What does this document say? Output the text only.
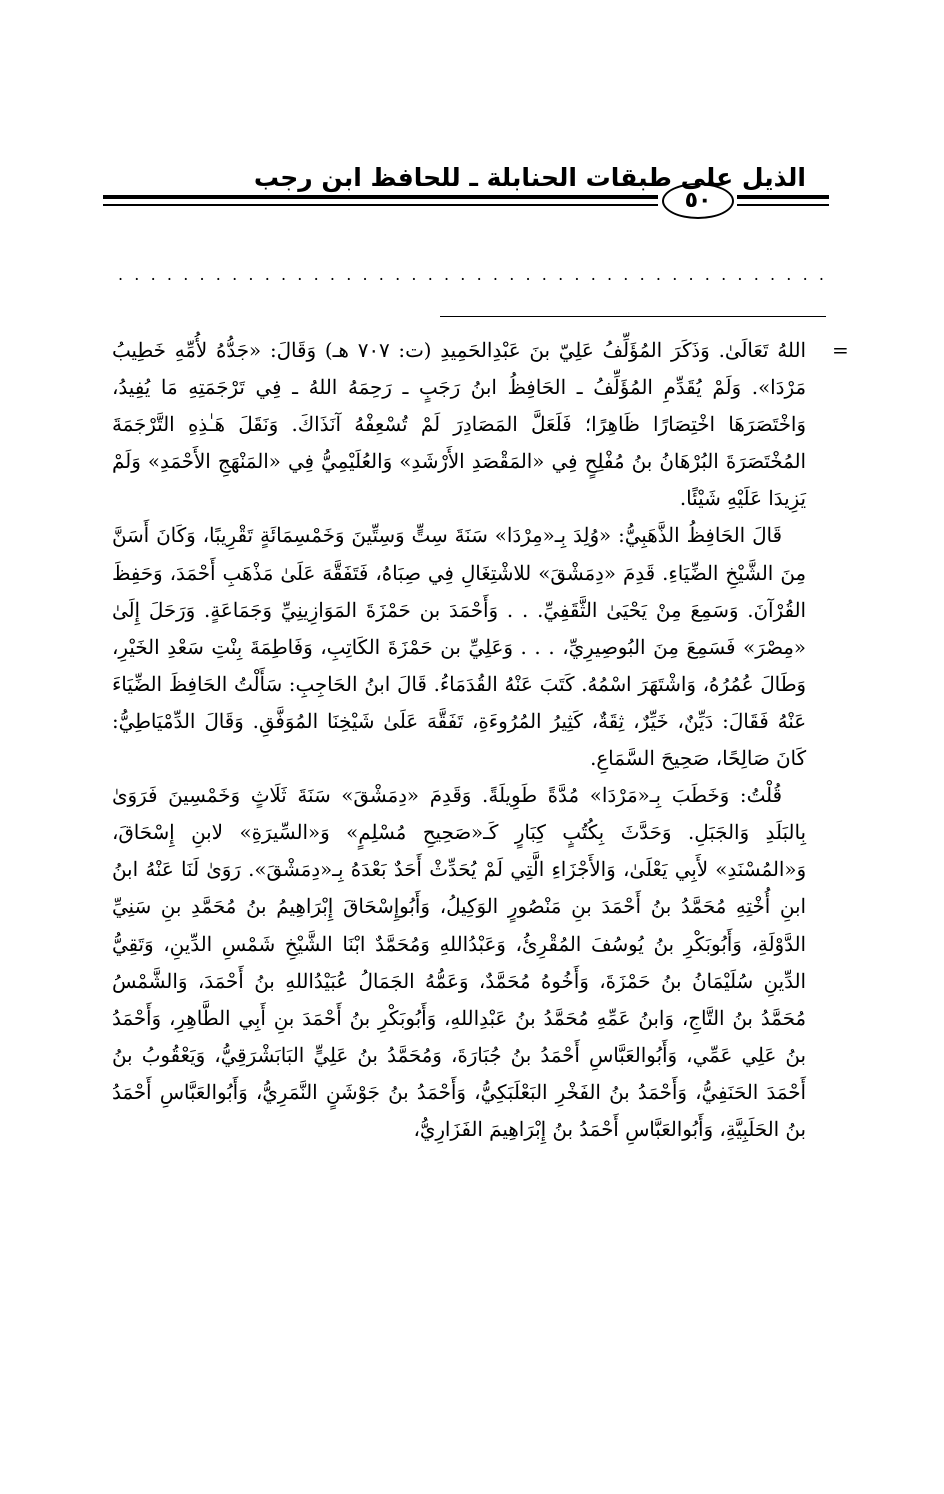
الذيل على طبقات الحنابلة ـ للحافظ ابن رجب
٥٠
. . . . . . . . . . . . . . . . . . . . . . . . . . . . . . . . . . . . . . . . . . . .
=

اللهُ تَعَالَىٰ. وَذَكَرَ المُؤَلِّفُ عَلِيّ بنَ عَبْدِالحَمِيدِ (ت: ٧٠٧ هـ) وَقَالَ: «جَدُّهُ لأُمِّهِ خَطِيبُ مَرْدَا». وَلَمْ يُقَدِّمِ المُؤَلِّفُ ـ الحَافِظُ ابنُ رَجَبٍ ـ رَحِمَهُ اللهُ ـ فِي تَرْجَمَتِهِ مَا يُفِيدُ، وَاخْتَصَرَهَا اخْتِصَارًا ظَاهِرًا؛ فَلَعَلَّ المَصَادِرَ لَمْ تُسْعِفْهُ آنَذَاكَ. وَنَقَلَ هَـٰذِهِ التَّرْجَمَةَ المُخْتَصَرَةَ البُرْهَانُ بنُ مُفْلِحٍ فِي «المَقْصَدِ الأَرْشَدِ» وَالعُلَيْمِيُّ فِي «المَنْهَجِ الأَحْمَدِ» وَلَمْ يَزِيدَا عَلَيْهِ شَيْئًا.

قَالَ الحَافِظُ الذَّهَبِيُّ: «وُلِدَ بِـ«مِرْدَا» سَنَةَ سِتٍّ وَسِتِّينَ وَخَمْسِمَائَةٍ تَقْرِيبًا، وَكَانَ أَسَنَّ مِنَ الشَّيْخِ الضِّيَاءِ. قَدِمَ «دِمَشْقَ» للاشْتِغَالِ فِي صِبَاهُ، فَتَفَقَّهَ عَلَىٰ مَذْهَبِ أَحْمَدَ، وَحَفِظَ القُرْآنَ. وَسَمِعَ مِنْ يَحْيَىٰ الثَّقَفِيِّ. . . وَأَحْمَدَ بن حَمْزَةَ المَوَازِينِيِّ وَجَمَاعَةٍ. وَرَحَلَ إِلَىٰ «مِصْرَ» فَسَمِعَ مِنَ البُوصِيرِيِّ، . . . وَعَلِيِّ بن حَمْزَةَ الكَاتِبِ، وَفَاطِمَةَ بِنْتِ سَعْدِ الخَيْرِ، وَطَالَ عُمُرُهُ، وَاشْتَهَرَ اسْمُهُ. كَتَبَ عَنْهُ القُدَمَاءُ. قَالَ ابنُ الحَاجِبِ: سَأَلْتُ الحَافِظَ الضِّيَاءَ عَنْهُ فَقَالَ: دَيِّنٌ، خَيِّرٌ، ثِقَةٌ، كَثِيرُ المُرُوءَةِ، تَفَقَّهَ عَلَىٰ شَيْخِنَا المُوَفَّقِ. وَقَالَ الدِّمْيَاطِيُّ: كَانَ صَالِحًا، صَحِيحَ السَّمَاعِ.

قُلْتُ: وَخَطَبَ بِـ«مَرْدَا» مُدَّةً طَوِيلَةً. وَقَدِمَ «دِمَشْقَ» سَنَةَ ثَلَاثٍ وَخَمْسِينَ فَرَوَىٰ بِالبَلَدِ وَالجَبَلِ. وَحَدَّثَ بِكُتُبٍ كِبَارٍ كَـ«صَحِيحِ مُسْلِمٍ» وَ«السِّيرَةِ» لابنِ إِسْحَاقَ، وَ«المُسْنَدِ» لأَبِي يَعْلَىٰ، وَالأَجْزَاءِ الَّتِي لَمْ يُحَدِّثْ أَحَدٌ بَعْدَهُ بِـ«دِمَشْقَ». رَوَىٰ لَنَا عَنْهُ ابنُ ابنِ أُخْتِهِ مُحَمَّدُ بنُ أَحْمَدَ بنِ مَنْصُورٍ الوَكِيلُ، وَأَبُوإِسْحَاقَ إِبْرَاهِيمُ بنُ مُحَمَّدِ بنِ سَنِيِّ الدَّوْلَةِ، وَأَبُوبَكْرِ بنُ يُوسُفَ المُقْرِئُ، وَعَبْدُاللهِ وَمُحَمَّدٌ ابْنَا الشَّيْخِ شَمْسِ الدِّينِ، وَتَقِيُّ الدِّينِ سُلَيْمَانُ بنُ حَمْزَةَ، وَأَخُوهُ مُحَمَّدٌ، وَعَمُّهُ الجَمَالُ عُبَيْدُاللهِ بنُ أَحْمَدَ، وَالشَّمْسُ مُحَمَّدُ بنُ التَّاجِ، وَابنُ عَمِّهِ مُحَمَّدُ بنُ عَبْدِاللهِ، وَأَبُوبَكْرِ بنُ أَحْمَدَ بنِ أَبِي الطَّاهِرِ، وَأَحْمَدُ بنُ عَلِي عَمِّي، وَأَبُوالعَبَّاسِ أَحْمَدُ بنُ جُبَارَةَ، وَمُحَمَّدُ بنُ عَلِيٍّ البَابَشْرَقِيُّ، وَيَعْقُوبُ بنُ أَحْمَدَ الحَنَفِيُّ، وَأَحْمَدُ بنُ الفَخْرِ البَعْلَبَكِيُّ، وَأَحْمَدُ بنُ جَوْشَنٍ النَّمَرِيُّ، وَأَبُوالعَبَّاسِ أَحْمَدُ بنُ الحَلَبِيَّةِ، وَأَبُوالعَبَّاسِ أَحْمَدُ بنُ إِبْرَاهِيمَ الفَزَارِيُّ،
